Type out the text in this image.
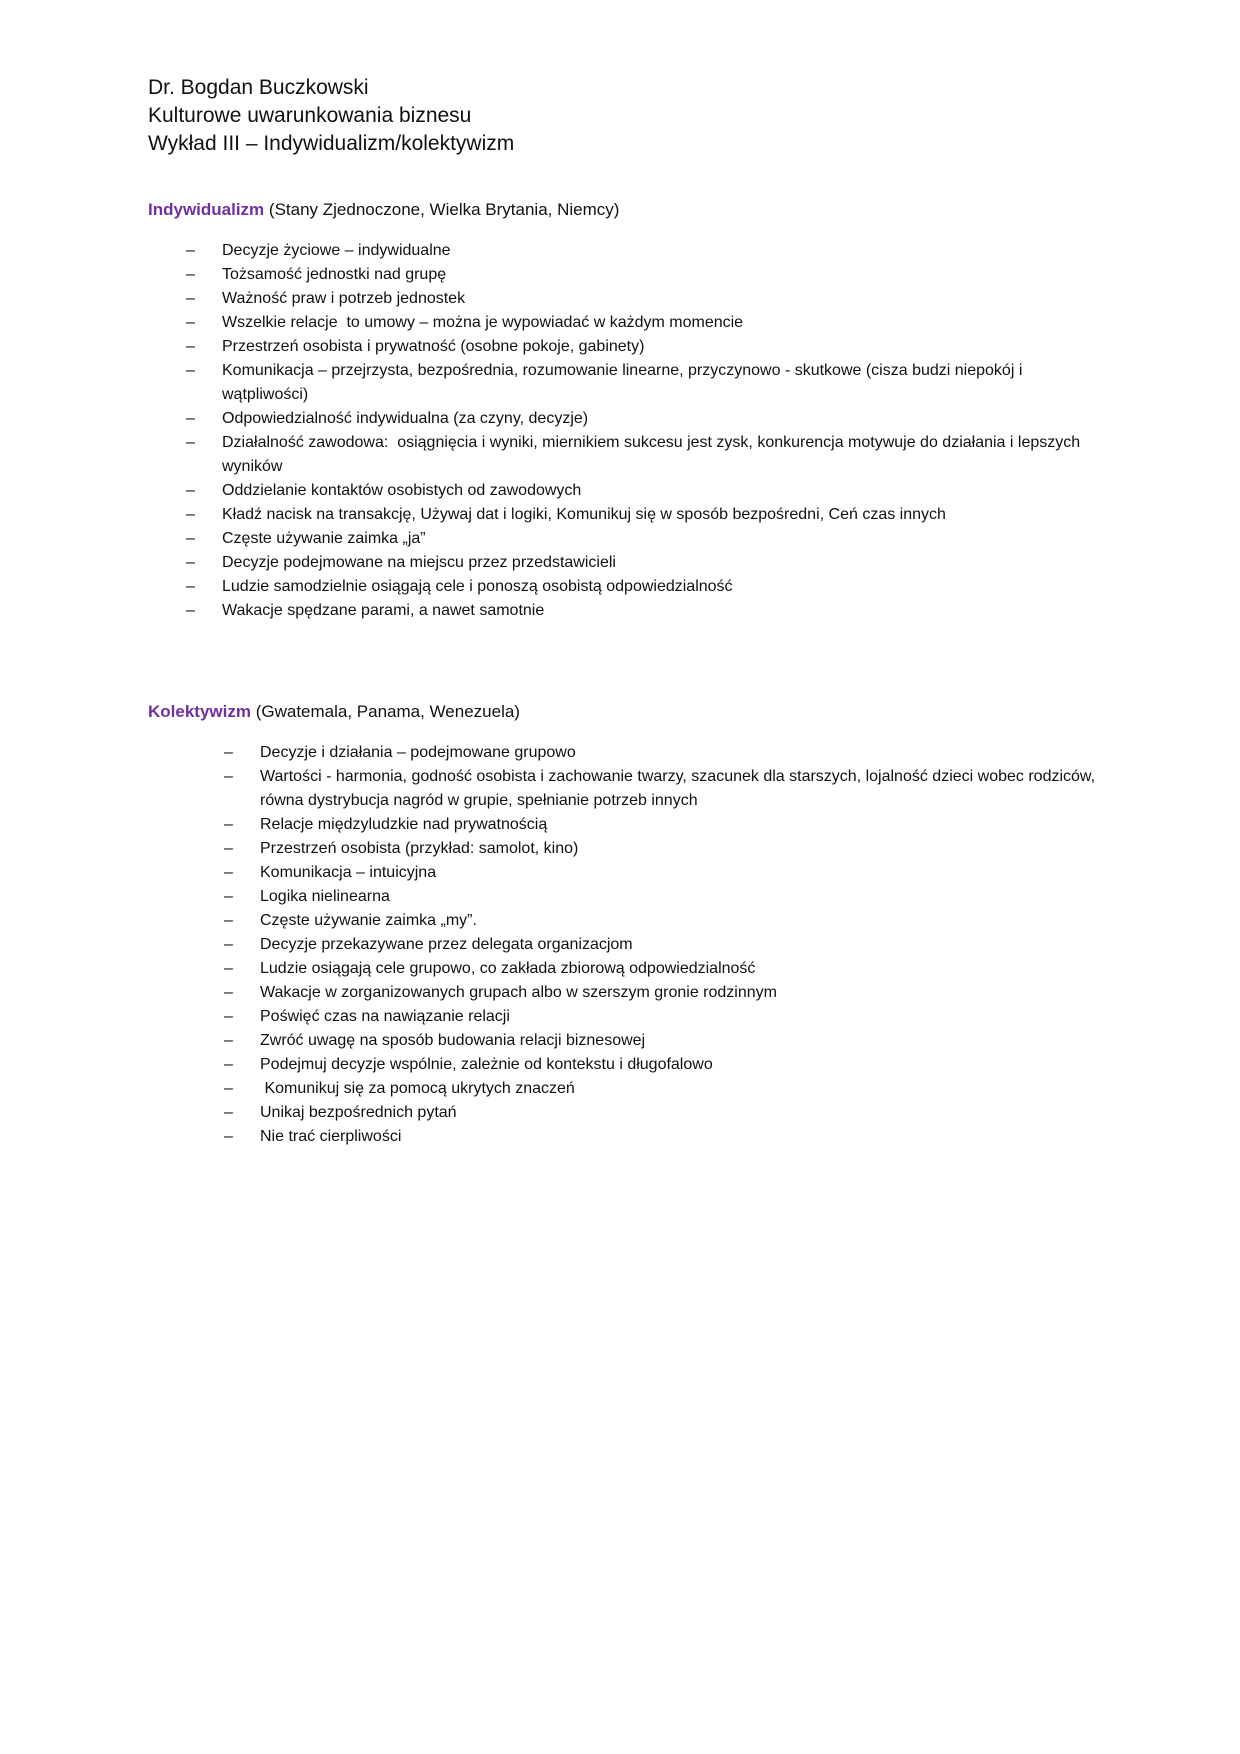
Dr. Bogdan Buczkowski
Kulturowe uwarunkowania biznesu
Wykład III – Indywidualizm/kolektywizm
Indywidualizm (Stany Zjednoczone, Wielka Brytania, Niemcy)
–	Decyzje życiowe – indywidualne
–	Tożsamość jednostki nad grupę
–	Ważność praw i potrzeb jednostek
–	Wszelkie relacje  to umowy – można je wypowiadać w każdym momencie
–	Przestrzeń osobista i prywatność (osobne pokoje, gabinety)
–	Komunikacja – przejrzysta, bezpośrednia, rozumowanie linearne, przyczynowo - skutkowe (cisza budzi niepokój i wątpliwości)
–	Odpowiedzialność indywidualna (za czyny, decyzje)
–	Działalność zawodowa:  osiągnięcia i wyniki, miernikiem sukcesu jest zysk, konkurencja motywuje do działania i lepszych wyników
–	Oddzielanie kontaktów osobistych od zawodowych
–	Kładź nacisk na transakcję, Używaj dat i logiki, Komunikuj się w sposób bezpośredni, Ceń czas innych
–	Częste używanie zaimka „ja”
–	Decyzje podejmowane na miejscu przez przedstawicieli
–	Ludzie samodzielnie osiągają cele i ponoszą osobistą odpowiedzialność
–	Wakacje spędzane parami, a nawet samotnie
Kolektywizm (Gwatemala, Panama, Wenezuela)
–	Decyzje i działania – podejmowane grupowo
–	Wartości - harmonia, godność osobista i zachowanie twarzy, szacunek dla starszych, lojalność dzieci wobec rodziców, równa dystrybucja nagród w grupie, spełnianie potrzeb innych
–	Relacje międzyludzkie nad prywatnością
–	Przestrzeń osobista (przykład: samolot, kino)
–	Komunikacja – intuicyjna
–	Logika nielinearna
–	Częste używanie zaimka „my”.
–	Decyzje przekazywane przez delegata organizacjom
–	Ludzie osiągają cele grupowo, co zakłada zbiorową odpowiedzialność
–	Wakacje w zorganizowanych grupach albo w szerszym gronie rodzinnym
–	Poświęć czas na nawiązanie relacji
–	Zwróć uwagę na sposób budowania relacji biznesowej
–	Podejmuj decyzje wspólnie, zależnie od kontekstu i długofalowo
–	Komunikuj się za pomocą ukrytych znaczeń
–	Unikaj bezpośrednich pytań
–	Nie trać cierpliwości
